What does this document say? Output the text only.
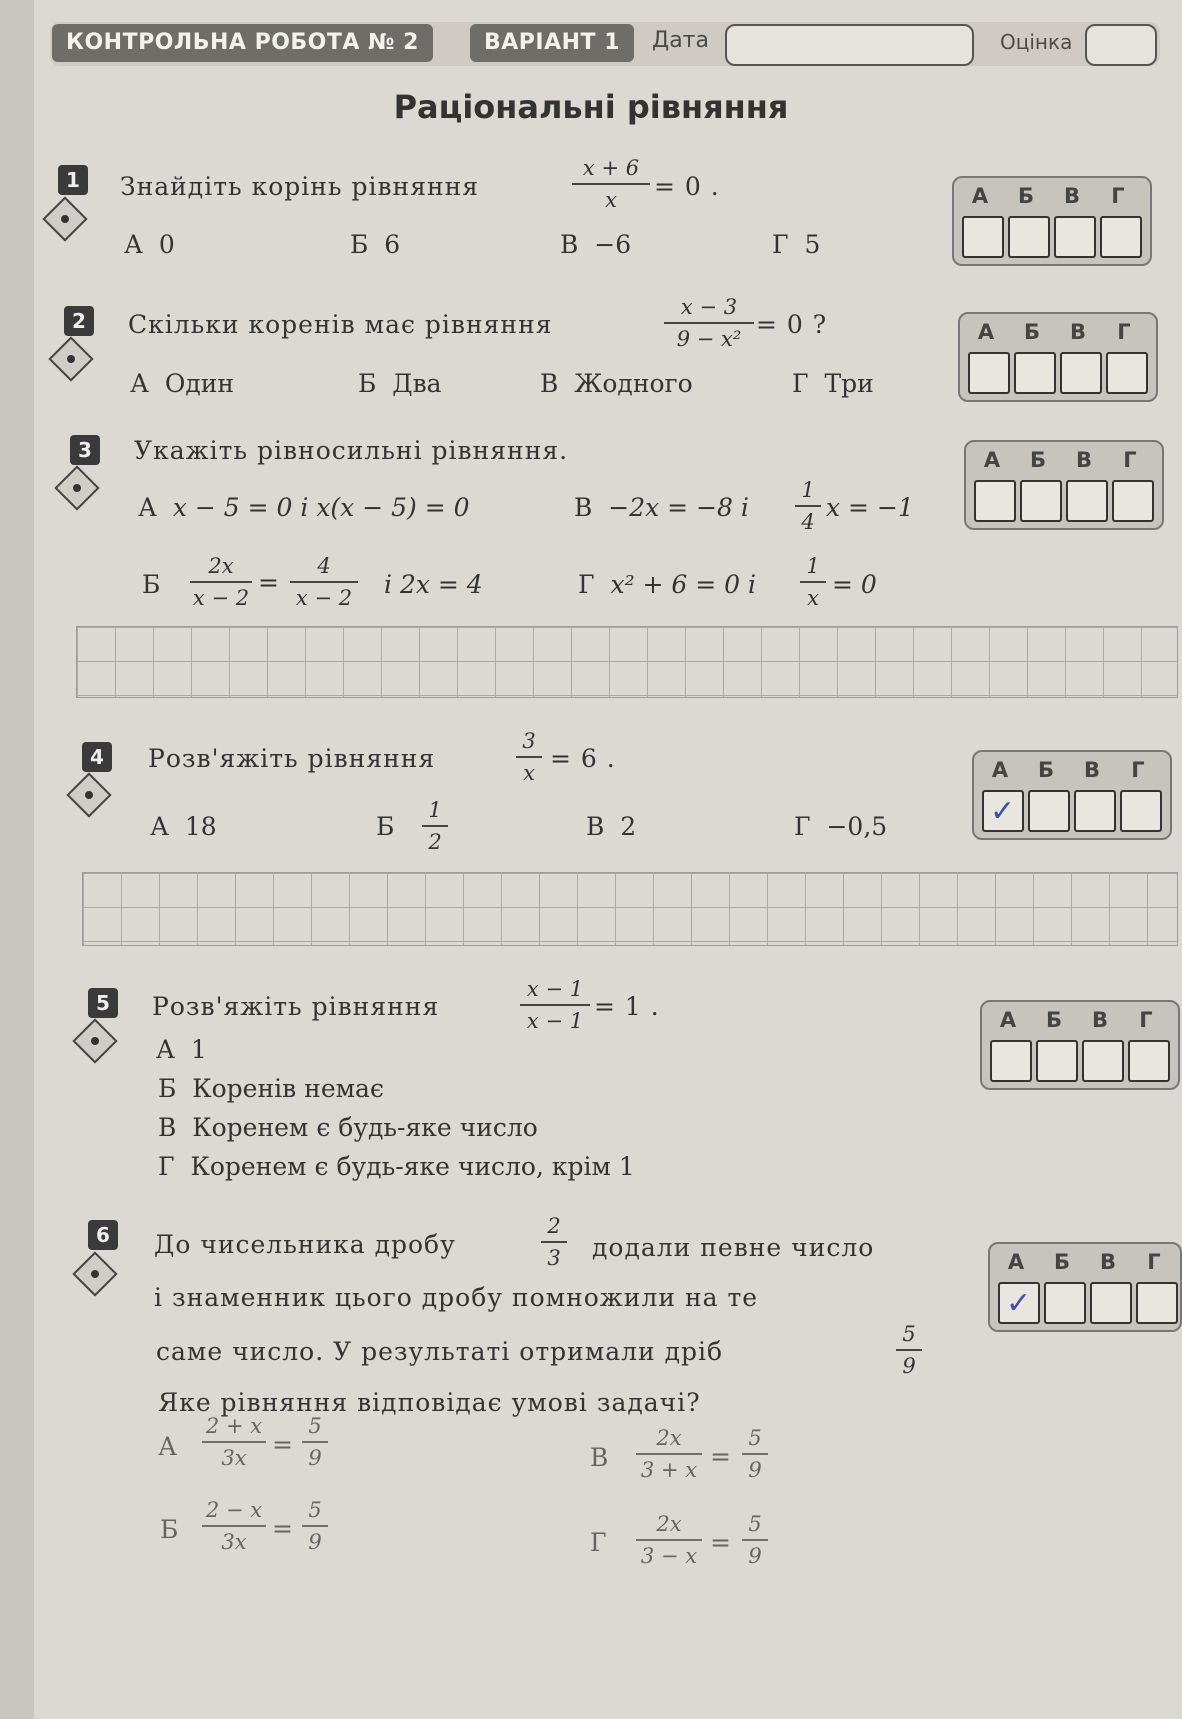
КОНТРОЛЬНА РОБОТА № 2	ВАРІАНТ 1	Дата	Оцінка
Раціональні рівняння
1	Знайдіть корінь рівняння
x + 6
x	= 0 .
А 0	Б 6	В −6	Г 5
А	Б	В	Г
2	Скільки коренів має рівняння
x − 3
9 − x² = 0 ?
А Один	Б Два	В Жодного	Г Три
А	Б	В	Г
3	Укажіть рівносильні рівняння.
А x − 5 = 0 і x(x − 5) = 0	В −2x = −8 і
1
4 x = −1
Б
2x
x − 2
=
4
x − 2 і 2x = 4	Г x² + 6 = 0 і
1
x = 0
А	Б	В	Г
4	Розв'яжіть рівняння
3
x = 6 .
А 18	Б
1
2
В 2	Г −0,5
А	Б	В	Г
✓
5	Розв'яжіть рівняння
x − 1
x − 1 = 1 .
А 1
Б Коренів немає
В Коренем є будь-яке число
Г Коренем є будь-яке число, крім 1
А	Б	В	Г
6	До чисельника дробу
2
3 додали певне число
і знаменник цього дробу помножили на те
саме число. У результаті отримали дріб
5
9
Яке рівняння відповідає умові задачі?
А
2 + x
3x	=
5
9	В
2x
3 + x =
5
9
Б
2 − x
3x	=
5
9	Г
2x
3 − x =
5
9
А	Б	В	Г
✓
